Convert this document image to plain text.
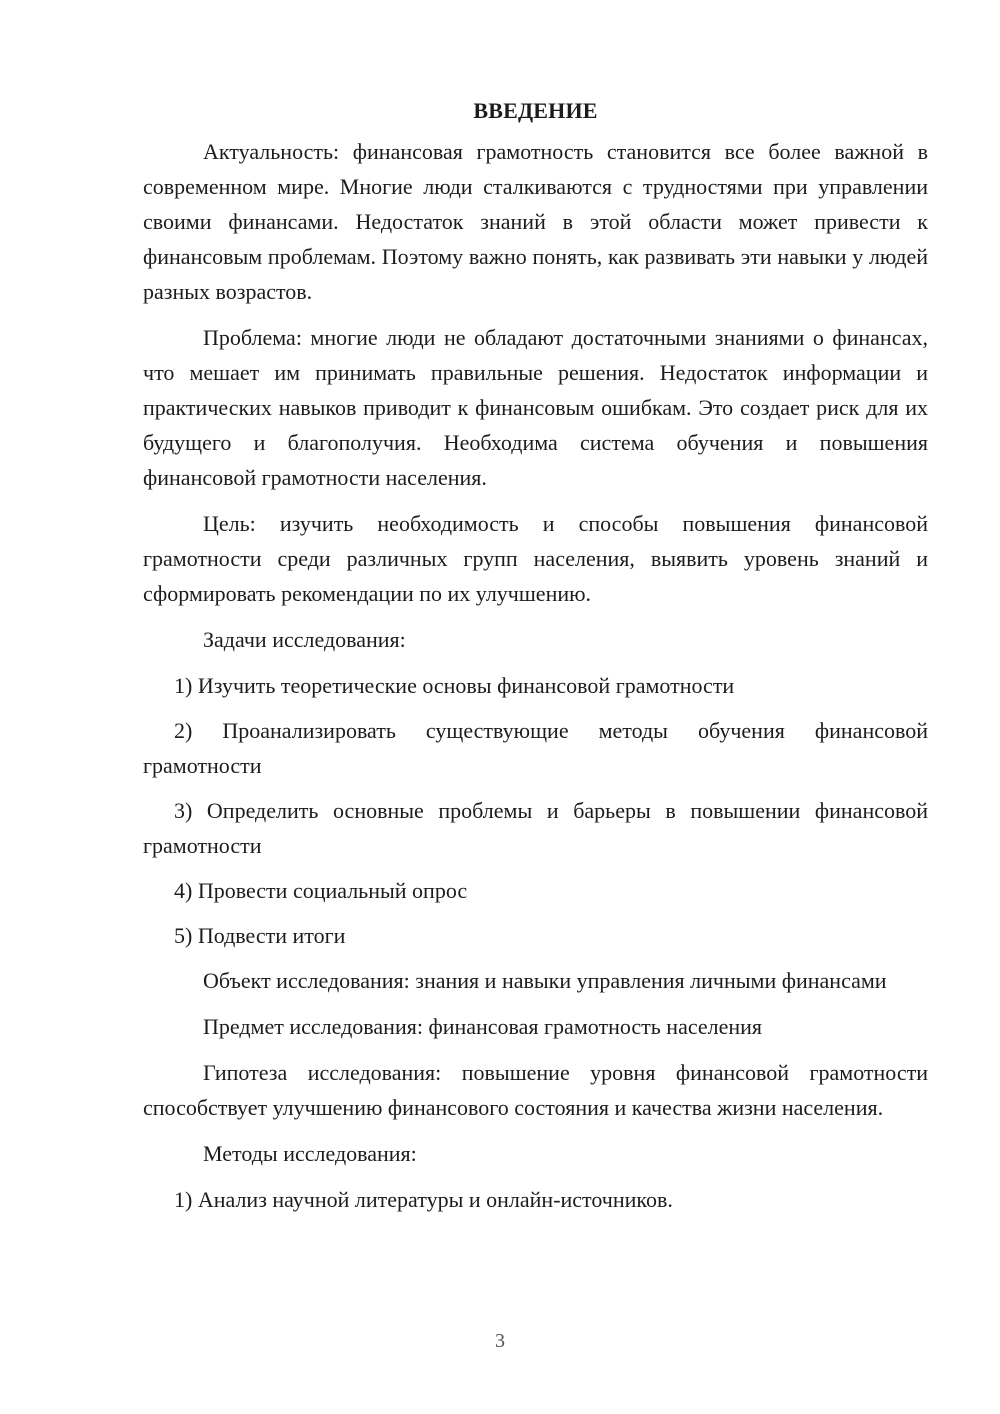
ВВЕДЕНИЕ

Актуальность: финансовая грамотность становится все более важной в современном мире. Многие люди сталкиваются с трудностями при управлении своими финансами. Недостаток знаний в этой области может привести к финансовым проблемам. Поэтому важно понять, как развивать эти навыки у людей разных возрастов.

Проблема: многие люди не обладают достаточными знаниями о финансах, что мешает им принимать правильные решения. Недостаток информации и практических навыков приводит к финансовым ошибкам. Это создает риск для их будущего и благополучия. Необходима система обучения и повышения финансовой грамотности населения.

Цель: изучить необходимость и способы повышения финансовой грамотности среди различных групп населения, выявить уровень знаний и сформировать рекомендации по их улучшению.

Задачи исследования:

1) Изучить теоретические основы финансовой грамотности

2) Проанализировать существующие методы обучения финансовой грамотности

3) Определить основные проблемы и барьеры в повышении финансовой грамотности

4) Провести социальный опрос

5) Подвести итоги

Объект исследования: знания и навыки управления личными финансами

Предмет исследования: финансовая грамотность населения

Гипотеза исследования: повышение уровня финансовой грамотности способствует улучшению финансового состояния и качества жизни населения.

Методы исследования:

1) Анализ научной литературы и онлайн-источников.

3
